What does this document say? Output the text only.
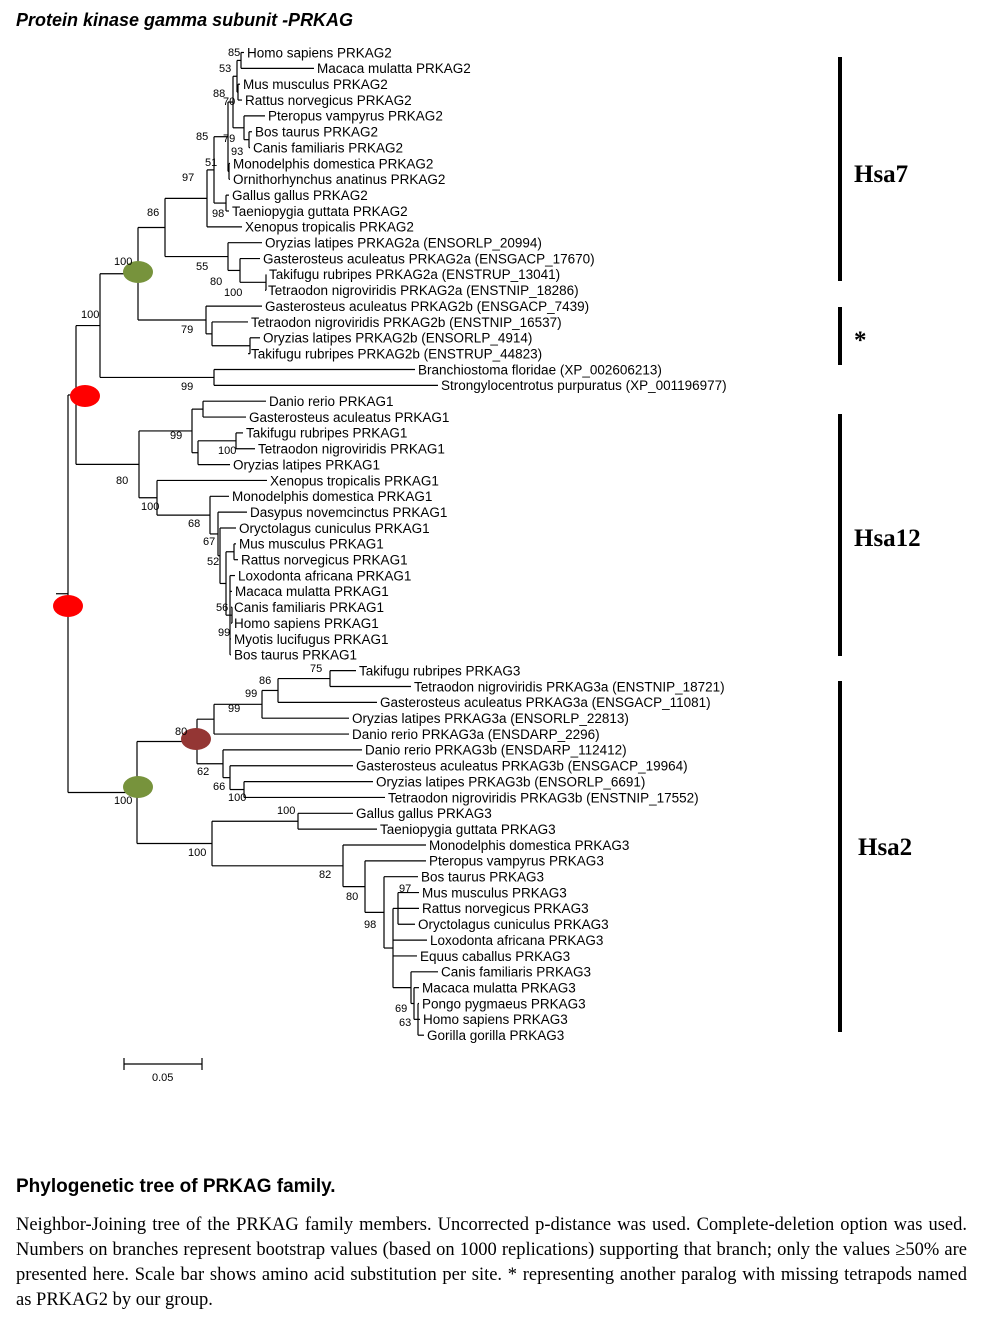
Protein kinase gamma subunit -PRKAG
Homo sapiens PRKAG2
Macaca mulatta PRKAG2
Mus musculus PRKAG2
Rattus norvegicus PRKAG2
Pteropus vampyrus PRKAG2
Bos taurus PRKAG2
Canis familiaris PRKAG2
Monodelphis domestica PRKAG2
Ornithorhynchus anatinus PRKAG2
Gallus gallus PRKAG2
Taeniopygia guttata PRKAG2
Xenopus tropicalis PRKAG2
Oryzias latipes PRKAG2a (ENSORLP_20994)
Gasterosteus aculeatus PRKAG2a (ENSGACP_17670)
Takifugu rubripes PRKAG2a (ENSTRUP_13041)
Tetraodon nigroviridis PRKAG2a (ENSTNIP_18286)
Gasterosteus aculeatus PRKAG2b (ENSGACP_7439)
Tetraodon nigroviridis PRKAG2b (ENSTNIP_16537)
Oryzias latipes PRKAG2b (ENSORLP_4914)
Takifugu rubripes PRKAG2b (ENSTRUP_44823)
Branchiostoma floridae (XP_002606213)
Strongylocentrotus purpuratus (XP_001196977)
Danio rerio PRKAG1
Gasterosteus aculeatus PRKAG1
Takifugu rubripes PRKAG1
Tetraodon nigroviridis PRKAG1
Oryzias latipes PRKAG1
Xenopus tropicalis PRKAG1
Monodelphis domestica PRKAG1
Dasypus novemcinctus PRKAG1
Oryctolagus cuniculus PRKAG1
Mus musculus PRKAG1
Rattus norvegicus PRKAG1
Loxodonta africana PRKAG1
Macaca mulatta PRKAG1
Canis familiaris PRKAG1
Homo sapiens PRKAG1
Myotis lucifugus PRKAG1
Bos taurus PRKAG1
Takifugu rubripes PRKAG3
Tetraodon nigroviridis PRKAG3a (ENSTNIP_18721)
Gasterosteus aculeatus PRKAG3a (ENSGACP_11081)
Oryzias latipes PRKAG3a (ENSORLP_22813)
Danio rerio PRKAG3a (ENSDARP_2296)
Danio rerio PRKAG3b (ENSDARP_112412)
Gasterosteus aculeatus PRKAG3b (ENSGACP_19964)
Oryzias latipes PRKAG3b (ENSORLP_6691)
Tetraodon nigroviridis PRKAG3b (ENSTNIP_17552)
Gallus gallus PRKAG3
Taeniopygia guttata PRKAG3
Monodelphis domestica PRKAG3
Pteropus vampyrus PRKAG3
Bos taurus PRKAG3
Mus musculus PRKAG3
Rattus norvegicus PRKAG3
Oryctolagus cuniculus PRKAG3
Loxodonta africana PRKAG3
Equus caballus PRKAG3
Canis familiaris PRKAG3
Macaca mulatta PRKAG3
Pongo pygmaeus PRKAG3
Homo sapiens PRKAG3
Gorilla gorilla PRKAG3
85
53
88
70
85 79
93
51
97
98
86
100	55
80
100
79
100
99
99
100
80
100
68
67
52
56
99
75
86
99
99
80
62
66
100
100
100
100
82
80
98
97
69
63
Hsa7
*
Hsa12
Hsa2
0.05

Phylogenetic tree of PRKAG family.

Neighbor-Joining tree of the PRKAG family members. Uncorrected p-distance was used. Complete-deletion option was used. Numbers on branches represent bootstrap values (based on 1000 replications) supporting that branch; only the values ≥50% are presented here. Scale bar shows amino acid substitution per site. * representing another paralog with missing tetrapods named as PRKAG2 by our group.
